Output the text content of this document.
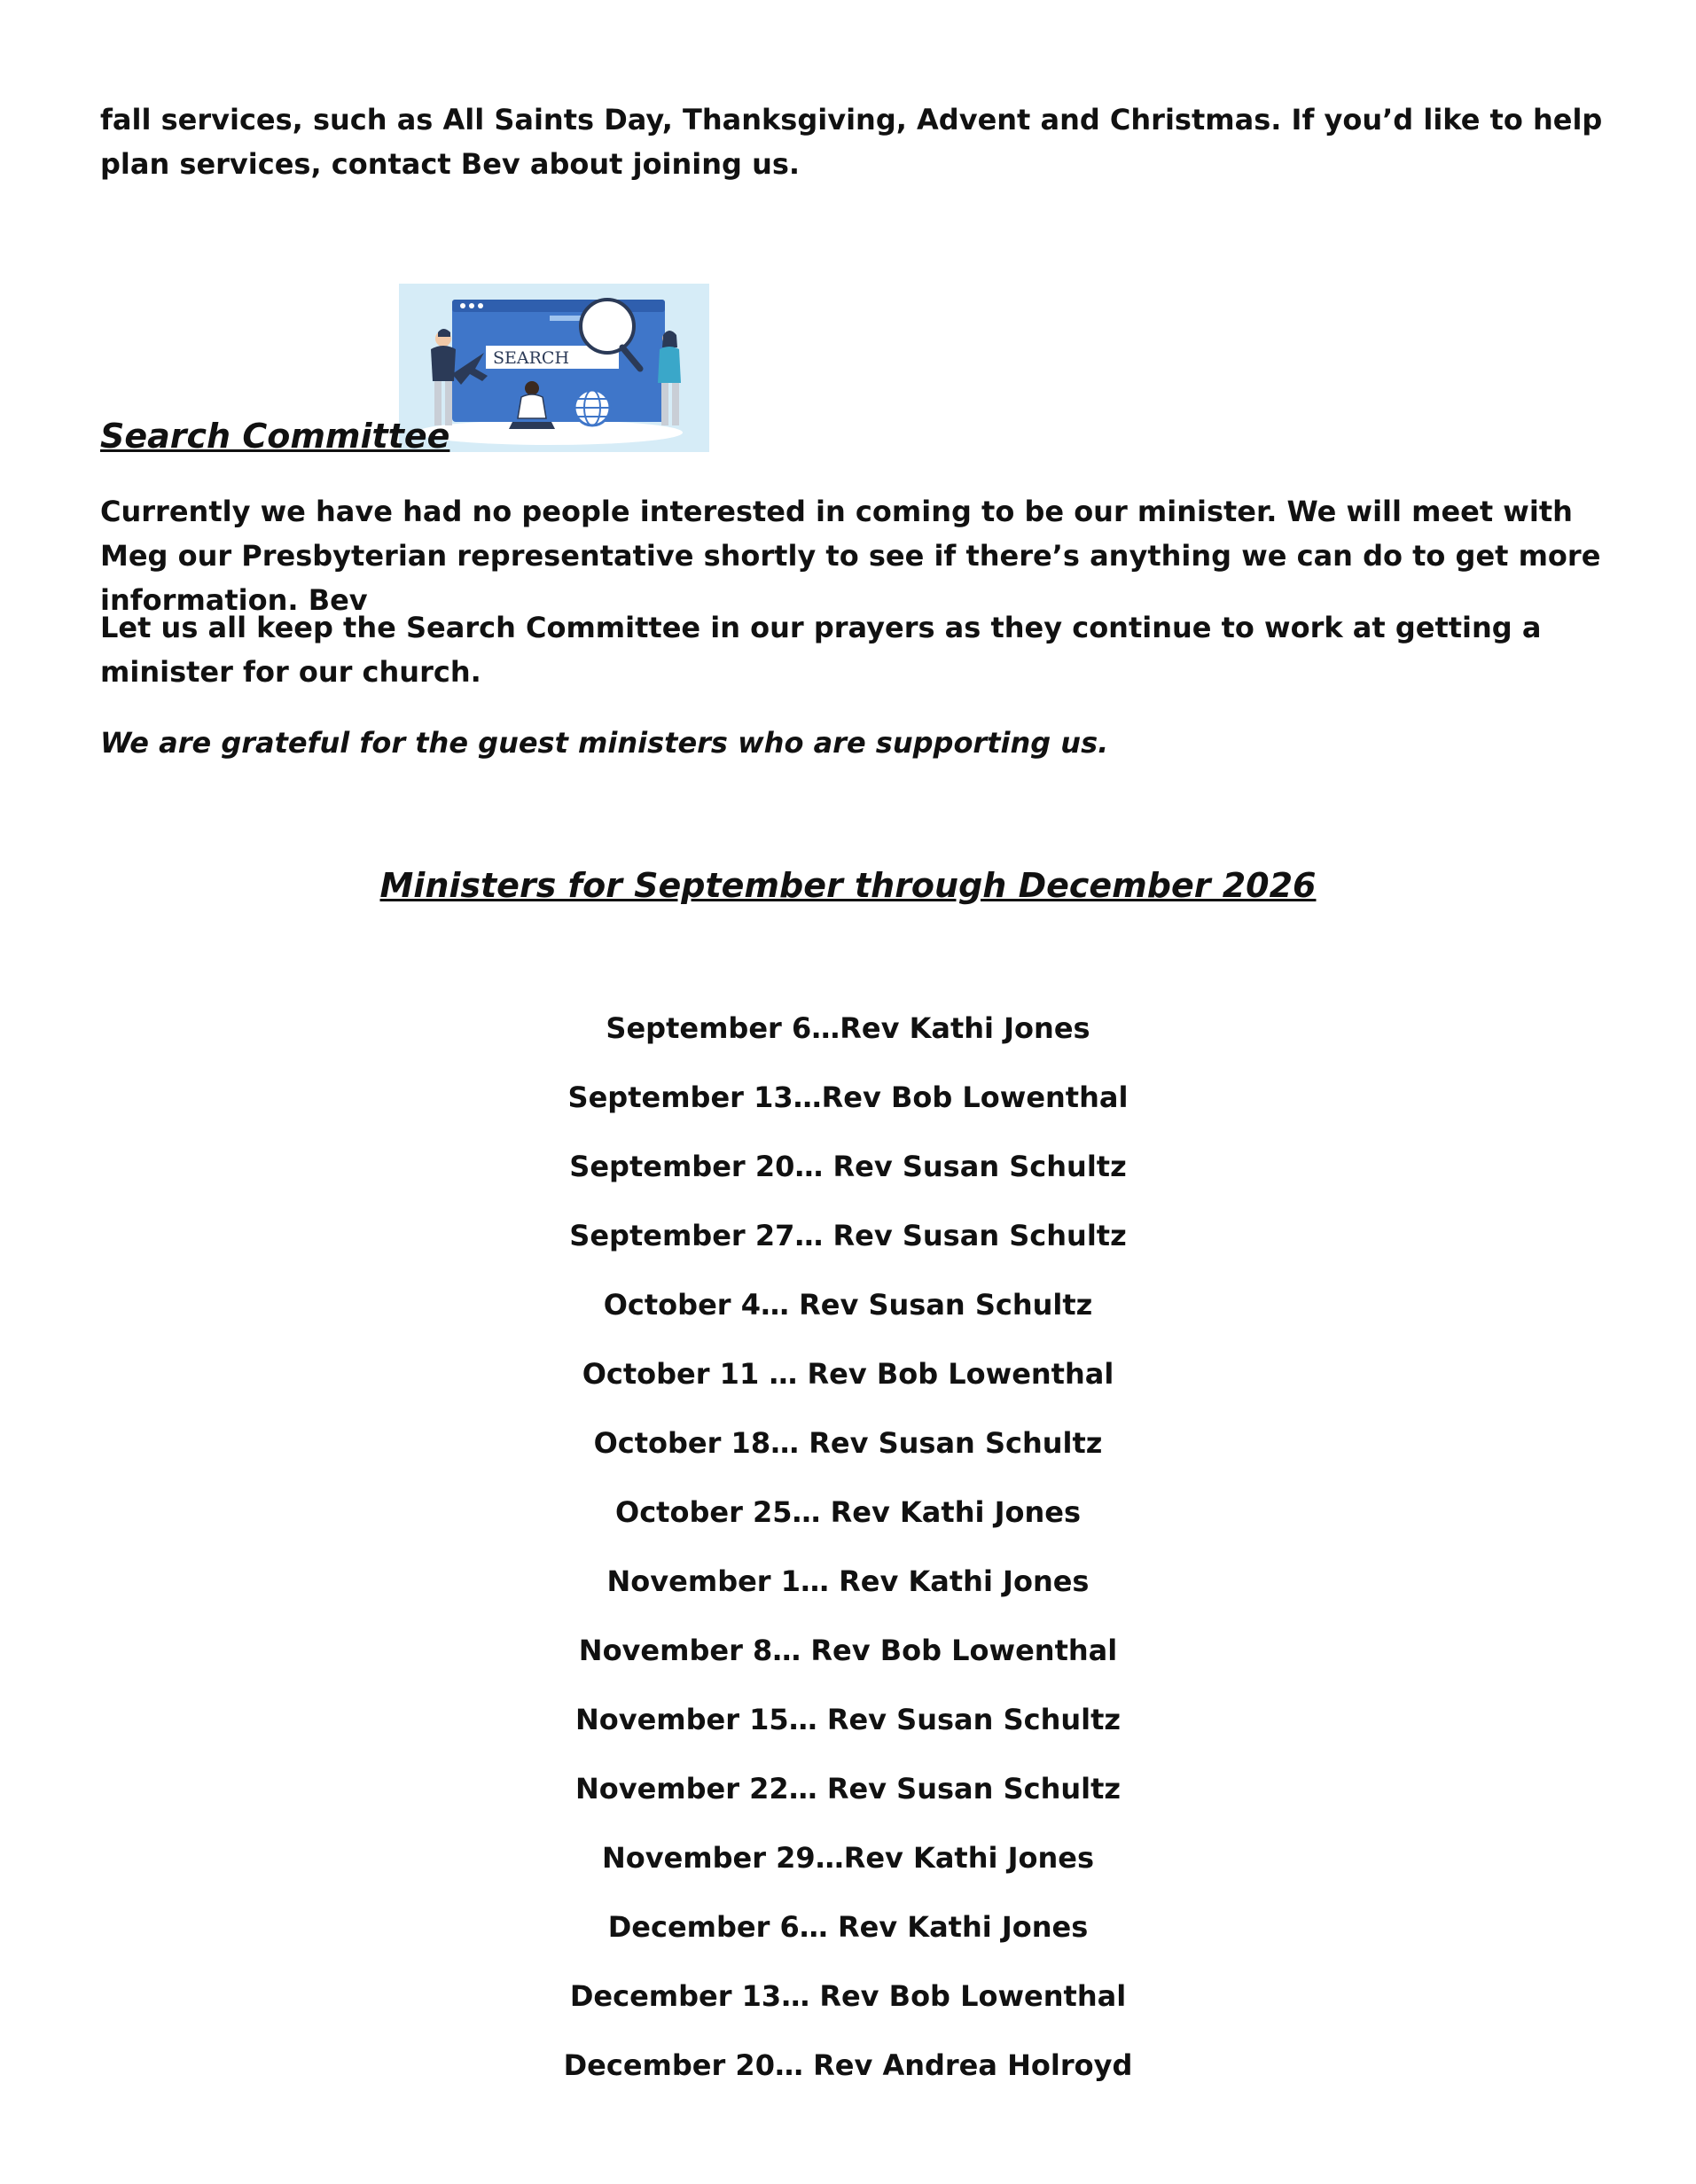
fall services, such as All Saints Day, Thanksgiving, Advent and Christmas. If you’d like to help plan services, contact Bev about joining us.

SEARCH
Search Committee

Currently we have had no people interested in coming to be our minister. We will meet with Meg our Presbyterian representative shortly to see if there’s anything we can do to get more information. Bev

Let us all keep the Search Committee in our prayers as they continue to work at getting a minister for our church.

We are grateful for the guest ministers who are supporting us.

Ministers for September through December 2026
September 6…Rev Kathi Jones
September 13…Rev Bob Lowenthal
September 20… Rev Susan Schultz
September 27… Rev Susan Schultz
October 4… Rev Susan Schultz
October 11 … Rev Bob Lowenthal
October 18… Rev Susan Schultz
October 25… Rev Kathi Jones
November 1… Rev Kathi Jones
November 8… Rev Bob Lowenthal
November 15… Rev Susan Schultz
November 22… Rev Susan Schultz
November 29…Rev Kathi Jones
December 6… Rev Kathi Jones
December 13… Rev Bob Lowenthal
December 20… Rev Andrea Holroyd
